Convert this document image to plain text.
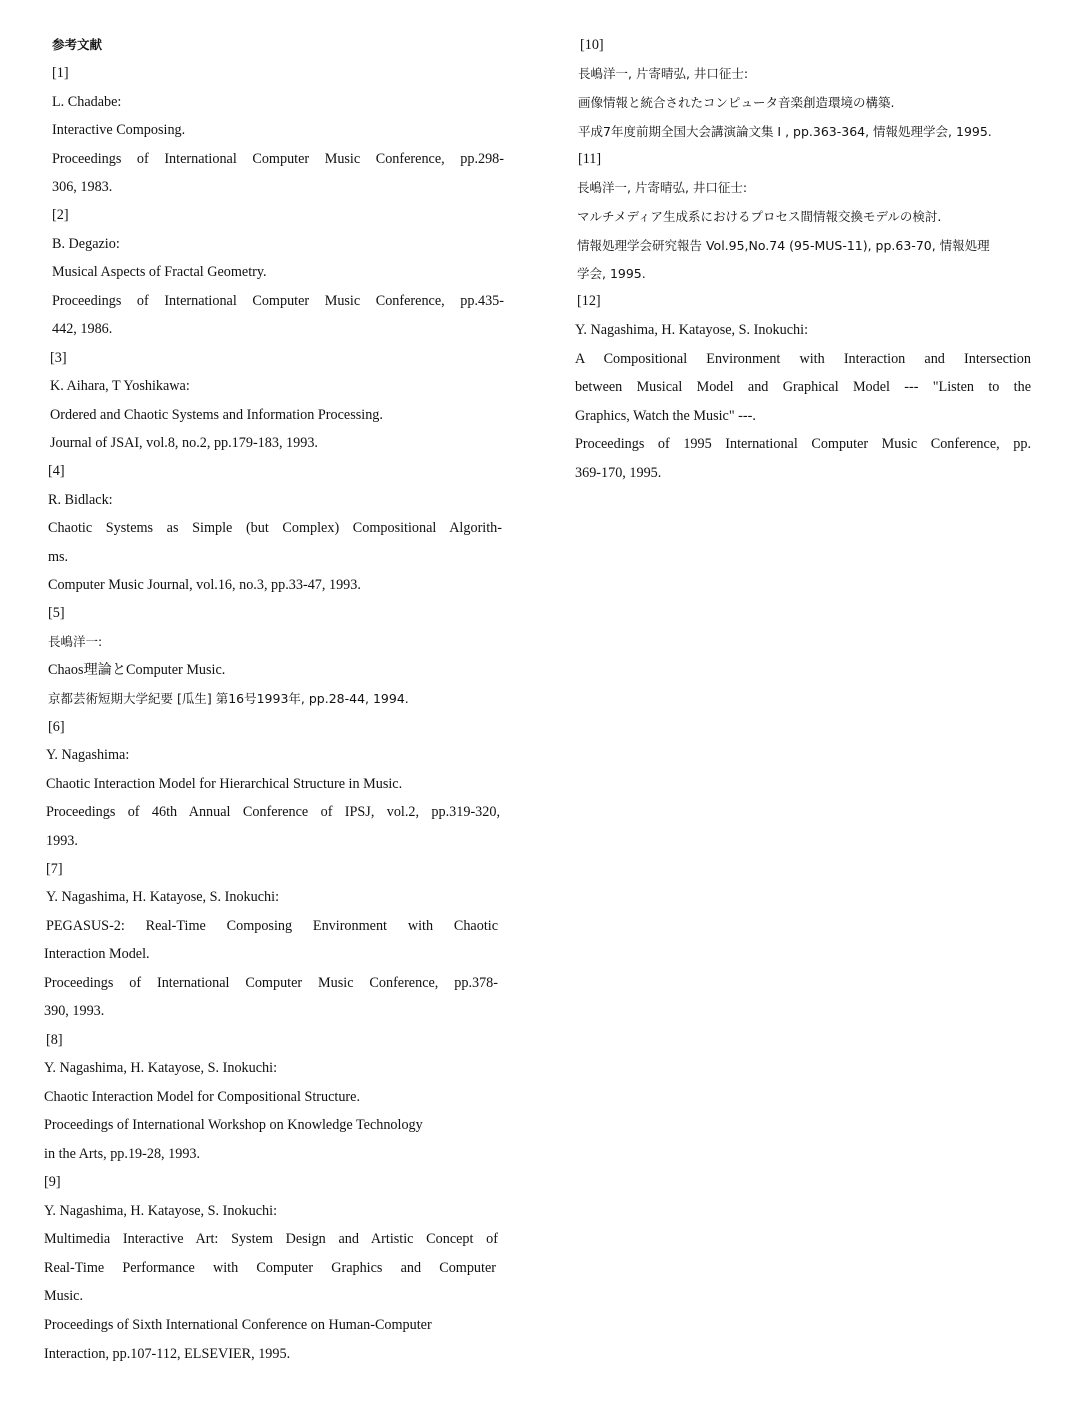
参考文献
[1]
L. Chadabe:
Interactive Composing.
Proceedings of International Computer Music Conference, pp.298-
306, 1983.
[2]
B. Degazio:
Musical Aspects of Fractal Geometry.
Proceedings of International Computer Music Conference, pp.435-
442, 1986.
[3]
K. Aihara, T Yoshikawa:
Ordered and Chaotic Systems and Information Processing.
Journal of JSAI, vol.8, no.2, pp.179-183, 1993.
[4]
R. Bidlack:
Chaotic Systems as Simple (but Complex) Compositional Algorith-
ms.
Computer Music Journal, vol.16, no.3, pp.33-47, 1993.
[5]
長嶋洋一:
Chaos理論とComputer Music.
京都芸術短期大学紀要 [瓜生] 第16号1993年, pp.28-44, 1994.
[6]
Y. Nagashima:
Chaotic Interaction Model for Hierarchical Structure in Music.
Proceedings of 46th Annual Conference of IPSJ, vol.2, pp.319-320,
1993.
[7]
Y. Nagashima, H. Katayose, S. Inokuchi:
PEGASUS-2: Real-Time Composing Environment with Chaotic
Interaction Model.
Proceedings of International Computer Music Conference, pp.378-
390, 1993.
[8]
Y. Nagashima, H. Katayose, S. Inokuchi:
Chaotic Interaction Model for Compositional Structure.
Proceedings of International Workshop on Knowledge Technology
in the Arts, pp.19-28, 1993.
[9]
Y. Nagashima, H. Katayose, S. Inokuchi:
Multimedia Interactive Art: System Design and Artistic Concept of
Real-Time Performance with Computer Graphics and Computer
Music.
Proceedings of Sixth International Conference on Human-Computer
Interaction, pp.107-112, ELSEVIER, 1995.
[10]
長嶋洋一, 片寄晴弘, 井口征士:
画像情報と統合されたコンピュータ音楽創造環境の構築.
平成7年度前期全国大会講演論文集 I , pp.363-364, 情報処理学会, 1995.
[11]
長嶋洋一, 片寄晴弘, 井口征士:
マルチメディア生成系におけるプロセス間情報交換モデルの検討.
情報処理学会研究報告 Vol.95,No.74 (95-MUS-11), pp.63-70, 情報処理
学会, 1995.
[12]
Y. Nagashima, H. Katayose, S. Inokuchi:
A Compositional Environment with Interaction and Intersection
between Musical Model and Graphical Model --- "Listen to the
Graphics, Watch the Music" ---.
Proceedings of 1995 International Computer Music Conference, pp.
369-170, 1995.
